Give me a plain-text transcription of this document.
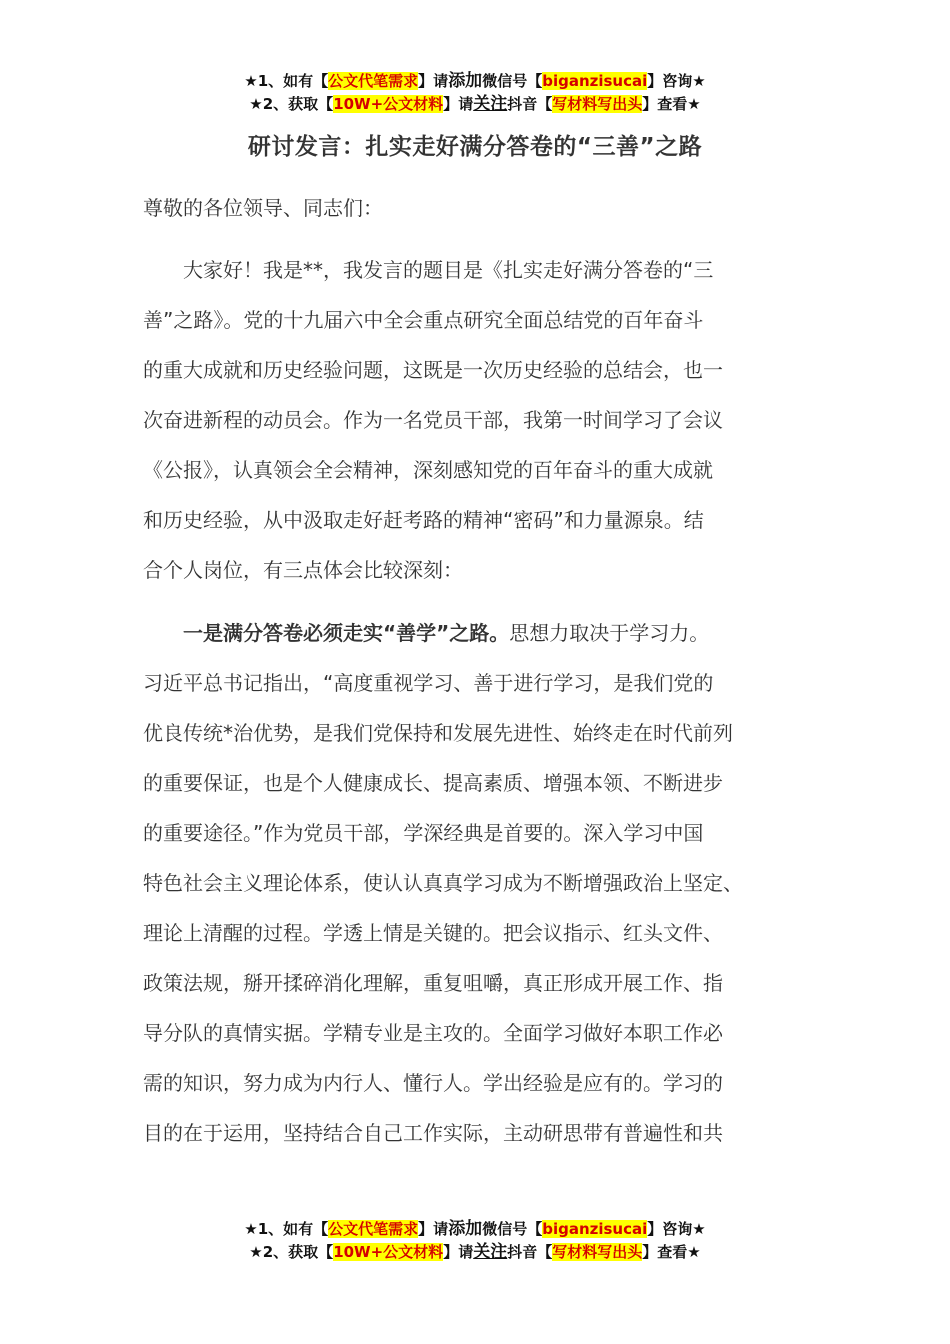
★1、如有【公文代笔需求】请添加微信号【biganzisucai】咨询★
★2、获取【10W+公文材料】请关注抖音【写材料写出头】查看★
研讨发言：扎实走好满分答卷的“三善”之路

尊敬的各位领导、同志们：

大家好！我是**，我发言的题目是《扎实走好满分答卷的“三
善”之路》。党的十九届六中全会重点研究全面总结党的百年奋斗
的重大成就和历史经验问题，这既是一次历史经验的总结会，也一
次奋进新程的动员会。作为一名党员干部，我第一时间学习了会议
《公报》，认真领会全会精神，深刻感知党的百年奋斗的重大成就
和历史经验，从中汲取走好赶考路的精神“密码”和力量源泉。结
合个人岗位，有三点体会比较深刻：
一是满分答卷必须走实“善学”之路。思想力取决于学习力。
习近平总书记指出，“高度重视学习、善于进行学习，是我们党的
优良传统*治优势，是我们党保持和发展先进性、始终走在时代前列
的重要保证，也是个人健康成长、提高素质、增强本领、不断进步
的重要途径。”作为党员干部，学深经典是首要的。深入学习中国
特色社会主义理论体系，使认认真真学习成为不断增强政治上坚定、
理论上清醒的过程。学透上情是关键的。把会议指示、红头文件、
政策法规，掰开揉碎消化理解，重复咀嚼，真正形成开展工作、指
导分队的真情实据。学精专业是主攻的。全面学习做好本职工作必
需的知识，努力成为内行人、懂行人。学出经验是应有的。学习的
目的在于运用，坚持结合自己工作实际，主动研思带有普遍性和共
★1、如有【公文代笔需求】请添加微信号【biganzisucai】咨询★
★2、获取【10W+公文材料】请关注抖音【写材料写出头】查看★
